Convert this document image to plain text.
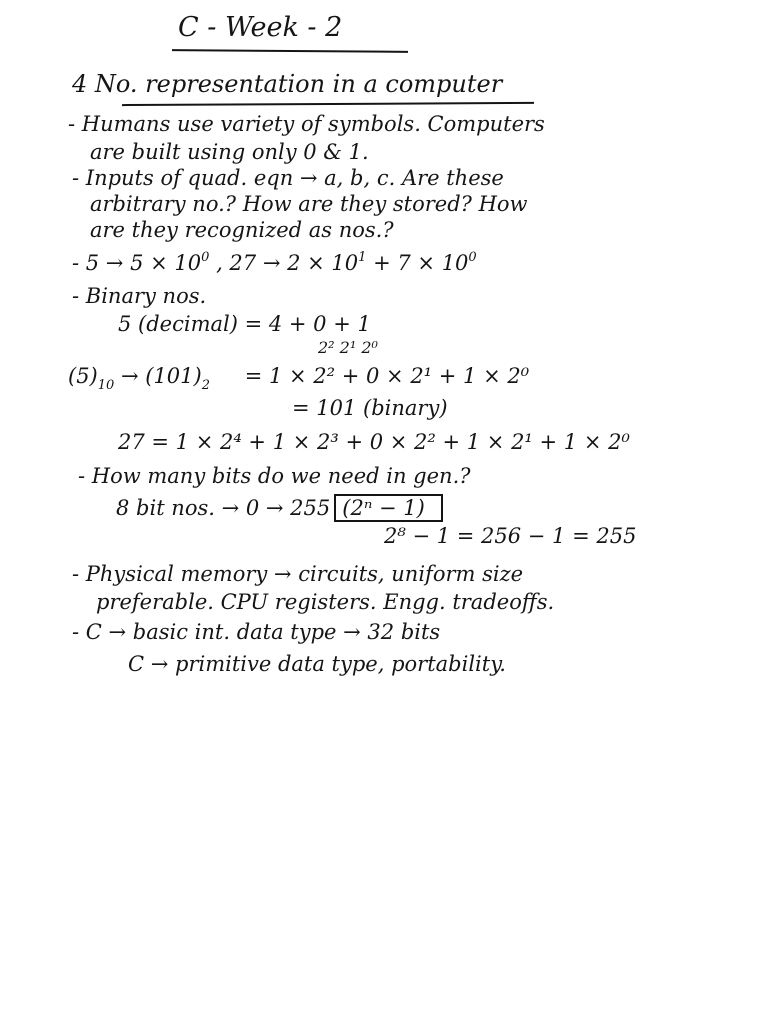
C - Week - 2
4 No. representation in a computer
- Humans use variety of symbols. Computers
are built using only 0 & 1.
- Inputs of quad. eqn → a, b, c. Are these
arbitrary no.? How are they stored? How
are they recognized as nos.?
- $5 \to 5 \times 10^0$ , $27 \to 2 \times 10^1 + 7 \times 10^0$
- Binary nos.
5 (decimal) = 4 + 0 + 1
2² 2¹ 2⁰
$(5)_{10} \to (101)_2 = 1 \times 2^2 + 0 \times 2^1 + 1 \times 2^0$
= 101 (binary)
27 = 1 × 2⁴ + 1 × 2³ + 0 × 2² + 1 × 2¹ + 1 × 2⁰
- How many bits do we need in gen.?
8 bit nos. → 0 → 255 (2ⁿ − 1)
2⁸ − 1 = 256 − 1 = 255
- Physical memory → circuits, uniform size
preferable. CPU registers. Engg. tradeoffs.
- C → basic int. data type → 32 bits
C → primitive data type, portability.
